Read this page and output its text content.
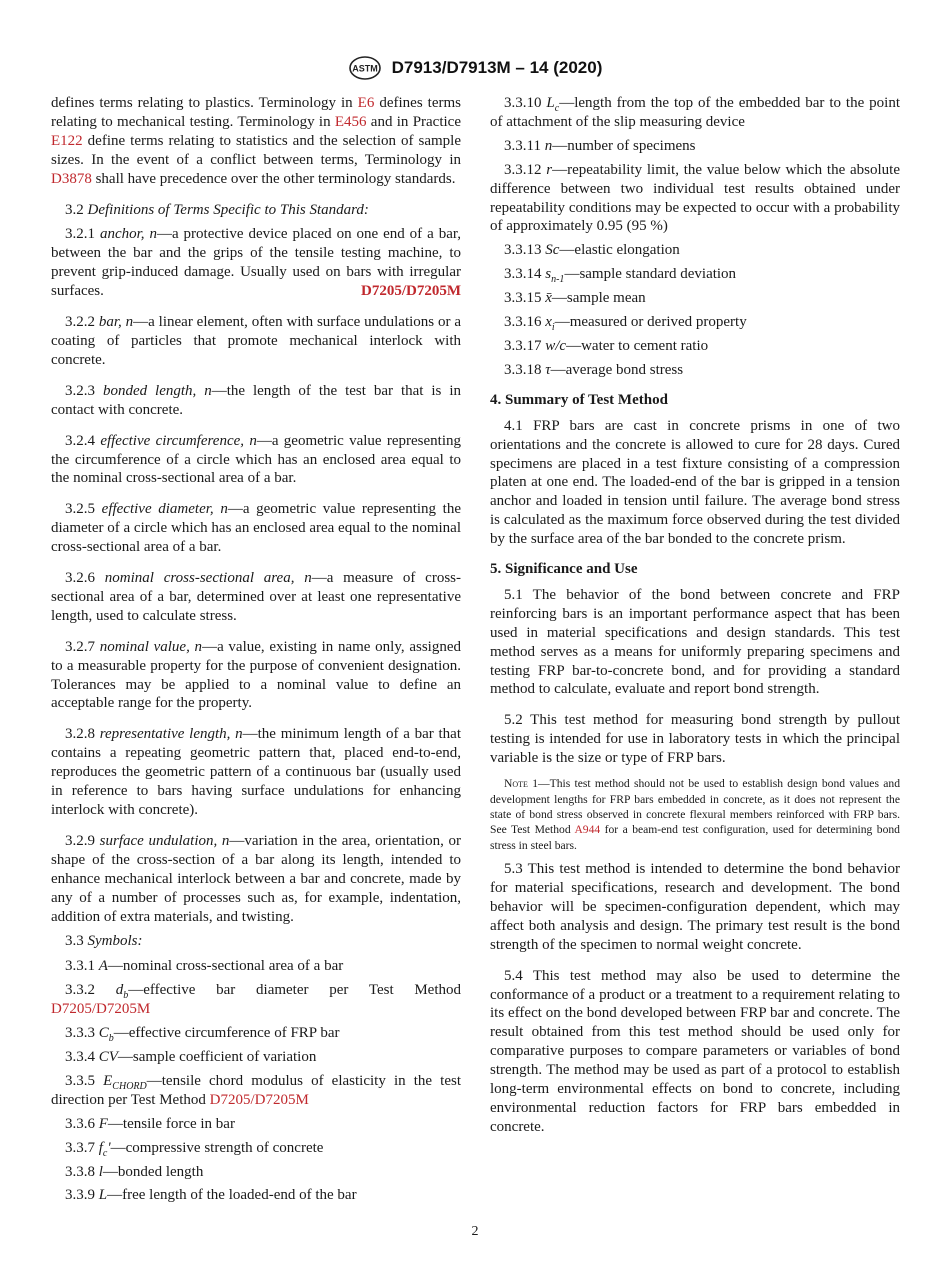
ASTM D7913/D7913M – 14 (2020)

defines terms relating to plastics. Terminology in E6 defines terms relating to mechanical testing. Terminology in E456 and in Practice E122 define terms relating to statistics and the selection of sample sizes. In the event of a conflict between terms, Terminology in D3878 shall have precedence over the other terminology standards.

3.2 Definitions of Terms Specific to This Standard:

3.2.1 anchor, n—a protective device placed on one end of a bar, between the bar and the grips of the tensile testing machine, to prevent grip-induced damage. Usually used on bars with irregular surfaces.	D7205/D7205M

3.2.2 bar, n—a linear element, often with surface undulations or a coating of particles that promote mechanical interlock with concrete.

3.2.3 bonded length, n—the length of the test bar that is in contact with concrete.

3.2.4 effective circumference, n—a geometric value representing the circumference of a circle which has an enclosed area equal to the nominal cross-sectional area of a bar.

3.2.5 effective diameter, n—a geometric value representing the diameter of a circle which has an enclosed area equal to the nominal cross-sectional area of a bar.

3.2.6 nominal cross-sectional area, n—a measure of cross-sectional area of a bar, determined over at least one representative length, used to calculate stress.

3.2.7 nominal value, n—a value, existing in name only, assigned to a measurable property for the purpose of convenient designation. Tolerances may be applied to a nominal value to define an acceptable range for the property.

3.2.8 representative length, n—the minimum length of a bar that contains a repeating geometric pattern that, placed end-to-end, reproduces the geometric pattern of a continuous bar (usually used in reference to bars having surface undulations for enhancing interlock with concrete).

3.2.9 surface undulation, n—variation in the area, orientation, or shape of the cross-section of a bar along its length, intended to enhance mechanical interlock between a bar and concrete, made by any of a number of processes such as, for example, indentation, addition of extra materials, and twisting.

3.3 Symbols:

3.3.1 A—nominal cross-sectional area of a bar

3.3.2 $d_b—effective$ bar diameter per Test Method D7205/D7205M

3.3.3 $C_b—effective$ circumference of FRP bar

3.3.4 CV—sample coefficient of variation

3.3.5 $E_{CHORD}—tensile$ chord modulus of elasticity in the test direction per Test Method D7205/D7205M

3.3.6 F—tensile force in bar

3.3.7 $f_c'—compressive$ strength of concrete

3.3.8 l—bonded length

3.3.9 L—free length of the loaded-end of the bar

3.3.10 $L_c—length$ from the top of the embedded bar to the point of attachment of the slip measuring device

3.3.11 n—number of specimens

3.3.12 r—repeatability limit, the value below which the absolute difference between two individual test results obtained under repeatability conditions may be expected to occur with a probability of approximately 0.95 (95 %)

3.3.13 Sc—elastic elongation

3.3.14 $s_{n-1}—sample$ standard deviation

3.3.15 x̄—sample mean

3.3.16 $x_i—measured$ or derived property

3.3.17 w/c—water to cement ratio

3.3.18 τ—average bond stress

4. Summary of Test Method

4.1 FRP bars are cast in concrete prisms in one of two orientations and the concrete is allowed to cure for 28 days. Cured specimens are placed in a test fixture consisting of a compression platen at one end. The loaded-end of the bar is gripped in a tension anchor and loaded in tension until failure. The average bond stress is calculated as the maximum force observed during the test divided by the surface area of the bar bonded to the concrete prism.

5. Significance and Use

5.1 The behavior of the bond between concrete and FRP reinforcing bars is an important performance aspect that has been used in material specifications and design standards. This test method serves as a means for uniformly preparing specimens and testing FRP bar-to-concrete bond, and for providing a standard method to calculate, evaluate and report bond strength.

5.2 This test method for measuring bond strength by pullout testing is intended for use in laboratory tests in which the principal variable is the size or type of FRP bars.

Note 1—This test method should not be used to establish design bond values and development lengths for FRP bars embedded in concrete, as it does not represent the state of bond stress observed in concrete flexural members reinforced with FRP bars. See Test Method A944 for a beam-end test configuration, used for determining bond stress in steel bars.

5.3 This test method is intended to determine the bond behavior for material specifications, research and development. The bond behavior will be specimen-configuration dependent, which may affect both analysis and design. The primary test result is the bond strength of the specimen to normal weight concrete.

5.4 This test method may also be used to determine the conformance of a product or a treatment to a requirement relating to its effect on the bond developed between FRP bar and concrete. The result obtained from this test method should be used only for comparative purposes to compare parameters or variables of bond strength. The method may be used as part of a protocol to establish long-term environmental effects on bond to concrete, including environmental reduction factors for FRP bars embedded in concrete.

2
